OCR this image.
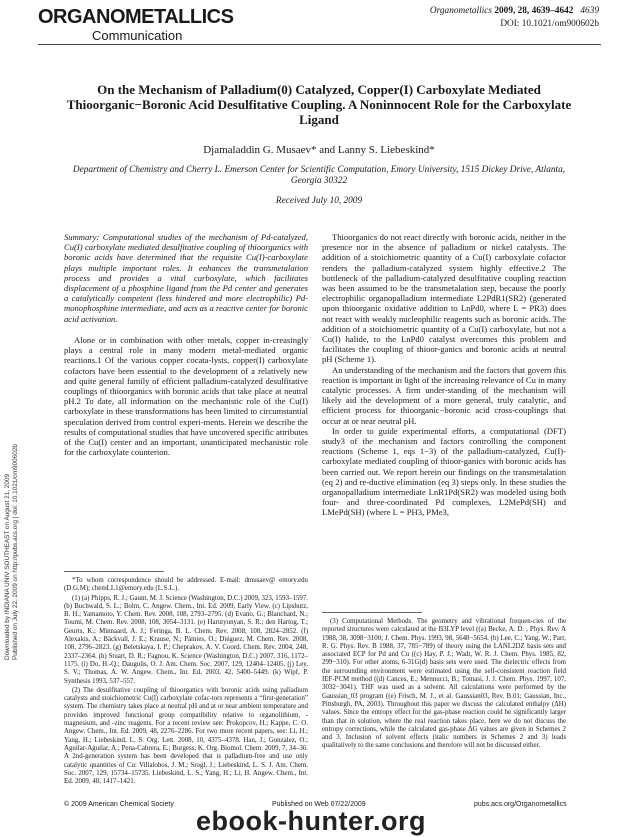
ORGANOMETALLICS
Communication
Organometallics 2009, 28, 4639–4642 4639
DOI: 10.1021/om900602b
On the Mechanism of Palladium(0) Catalyzed, Copper(I) Carboxylate Mediated Thioorganic−Boronic Acid Desulfitative Coupling. A Noninnocent Role for the Carboxylate Ligand
Djamaladdin G. Musaev* and Lanny S. Liebeskind*
Department of Chemistry and Cherry L. Emerson Center for Scientific Computation, Emory University, 1515 Dickey Drive, Atlanta, Georgia 30322
Received July 10, 2009
Downloaded by INDIANA UNIV SOUTHEAST on August 21, 2009 Published on July 22, 2009 on http://pubs.acs.org | doi: 10.1021/om900602b

Summary: Computational studies of the mechanism of Pd-catalyzed, Cu(I) carboxylate mediated desulfitative coupling of thioorganics with boronic acids have determined that the requisite Cu(I)-carboxylate plays multiple important roles. It enhances the transmetalation process and provides a vital carboxylate, which facilitates displacement of a phosphine ligand from the Pd center and generates a catalytically competent (less hindered and more electrophilic) Pd-monophosphine intermediate, and acts as a reactive center for boronic acid activation.

Alone or in combination with other metals, copper in-creasingly plays a central role in many modern metal-mediated organic reactions.1 Of the various copper cocata-lysts, copper(I) carboxylate cofactors have been essential to the development of a relatively new and quite general family of efficient palladium-catalyzed desulfitative couplings of thioorganics with boronic acids that take place at neutral pH.2 To date, all information on the mechanistic role of the Cu(I) carboxylate in these transformations has been limited to circumstantial speculation derived from control experi-ments. Herein we describe the results of computational studies that have uncovered specific attributes of the Cu(I) center and an important, unanticipated mechanistic role for the carboxylate counterion.

*To whom correspondence should be addressed. E-mail: dmusaev@ emory.edu (D.G.M); chemLL1@emory.edu (L.S.L.).

(1) (a) Phipps, R. J.; Gaunt, M. J. Science (Washington, D.C.) 2009, 323, 1593–1597. (b) Buchwald, S. L.; Bolm, C. Angew. Chem., Int. Ed. 2009, Early View. (c) Lipshutz, B. H.; Yamamoto, Y. Chem. Rev. 2008, 108, 2793–2795. (d) Evano, G.; Blanchard, N.; Toumi, M. Chem. Rev. 2008, 108, 3054–3131. (e) Harutyunyan, S. R.; den Hartog, T.; Geurts, K.; Minnaard, A. J.; Feringa, B. L. Chem. Rev. 2008, 108, 2824–2852. (f) Alexakis, A.; Bäckvall, J. E.; Krause, N.; Pàmies, O.; Diéguez, M. Chem. Rev. 2008, 108, 2796–2823. (g) Beletskaya, I. P.; Cheprakov, A. V. Coord. Chem. Rev. 2004, 248, 2337–2364. (h) Stuart, D. R.; Fagnou, K. Science (Washington, D.C.) 2007, 316, 1172–1175. (i) Do, H.-Q.; Daugulis, O. J. Am. Chem. Soc. 2007, 129, 12404–12405. (j) Ley, S. V.; Thomas, A. W. Angew. Chem., Int. Ed. 2003, 42, 5400–5449. (k) Wipf, P. Synthesis 1993, 537–557.

(2) The desulfitative coupling of thioorganics with boronic acids using palladium catalysts and stoichiometric Cu(I) carboxylate cofac-tors represents a “first-generation” system. The chemistry takes place at neutral pH and at or near ambient temperature and provides improved functional group compatibility relative to organolithium, -magnesium, and -zinc reagents. For a recent review see: Prokopcov, H.; Kappe, C. O. Angew. Chem., Int. Ed. 2009, 48, 2276–2286. For two more recent papers, see: Li, H.; Yang, H.; Liebeskind, L. S. Org. Lett. 2008, 10, 4375–4378. Han, J.; Gonzalez, O.; Aguilar-Aguilar, A.; Pena-Cabrera, E.; Burgess, K. Org. Biomol. Chem. 2009, 7, 34–36. A 2nd-generation system has been developed that is palladium-free and use only catalytic quantities of Cu: Villalobos, J. M.; Srogl, J.; Liebeskind, L. S. J. Am. Chem. Soc. 2007, 129, 15734–15735. Liebeskind, L. S.; Yang, H.; Li, H. Angew. Chem., Int. Ed. 2009, 48, 1417–1421.

Thioorganics do not react directly with boronic acids, neither in the presence nor in the absence of palladium or nickel catalysts. The addition of a stoichiometric quantity of a Cu(I) carboxylate cofactor renders the palladium-catalyzed system highly effective.2 The bottleneck of the palladium-catalyzed desulfitative coupling reaction was been assumed to be the transmetalation step, because the poorly electrophilic organopalladium intermediate L2PdR1(SR2) (generated upon thioorganic oxidative addition to LnPd0, where L = PR3) does not react with weakly nucleophilic reagents such as boronic acids. The addition of a stoichiometric quantity of a Cu(I) carboxylate, but not a Cu(I) halide, to the LnPd0 catalyst overcomes this problem and facilitates the coupling of thioor-ganics and boronic acids at neutral pH (Scheme 1).

An understanding of the mechanism and the factors that govern this reaction is important in light of the increasing relevance of Cu in many catalytic processes. A firm under-standing of the mechanism will likely aid the development of a more general, truly catalytic, and efficient process for thioorganic−boronic acid cross-couplings that occur at or near neutral pH.

In order to guide experimental efforts, a computational (DFT) study3 of the mechanism and factors controlling the component reactions (Scheme 1, eqs 1−3) of the palladium-catalyzed, Cu(I)-carboxylate mediated coupling of thioor-ganics with boronic acids has been carried out. We report herein our findings on the transmetalation (eq 2) and re-ductive elimination (eq 3) steps only. In these studies the organopalladium intermediate LnR1Pd(SR2) was modeled using both four- and three-coordinated Pd complexes, L2MePd(SH) and LMePd(SH) (where L = PH3, PMe3,

(3) Computational Methods. The geometry and vibrational frequen-cies of the reported structures were calculated at the B3LYP level ((a) Becke, A. D. , Phys. Rev. A 1988, 38, 3098−3100; J. Chem. Phys. 1993, 98, 5648−5654. (b) Lee, C.; Yang, W.; Parr, R. G. Phys. Rev. B 1988, 37, 785−789) of theory using the LANL2DZ basis sets and associated ECP for Pd and Cu ((c) Hay, P. J.; Wadt, W. R. J. Chem. Phys. 1985, 82, 299−310). For other atoms, 6-31G(d) basis sets were used. The dielectric effects from the surrounding environment were estimated using the self-consistent reaction field IEF-PCM method ((d) Cances, E.; Mennucci, B.; Tomasi, J. J. Chem. Phys. 1997, 107, 3032−3041). THF was used as a solvent. All calculations were performed by the Gaussian_03 program ((e) Frisch, M. J., et al. Gaussian03, Rev. B.01; Gaussian, Inc., Pittsburgh, PA, 2003). Throughout this paper we discuss the calculated enthalpy (ΔH) values. Since the entropy effect for the gas-phase reaction could be significantly larger than that in solution, where the real reaction takes place, here we do not discuss the entropy corrections, while the calculated gas-phase ΔG values are given in Schemes 2 and 3. Inclusion of solvent effects (italic numbers in Schemes 2 and 3) leads qualitatively to the same conclusions and therefore will not be discussed either.

© 2009 American Chemical Society	Published on Web 07/22/2009	pubs.acs.org/Organometallics
ebook-hunter.org
